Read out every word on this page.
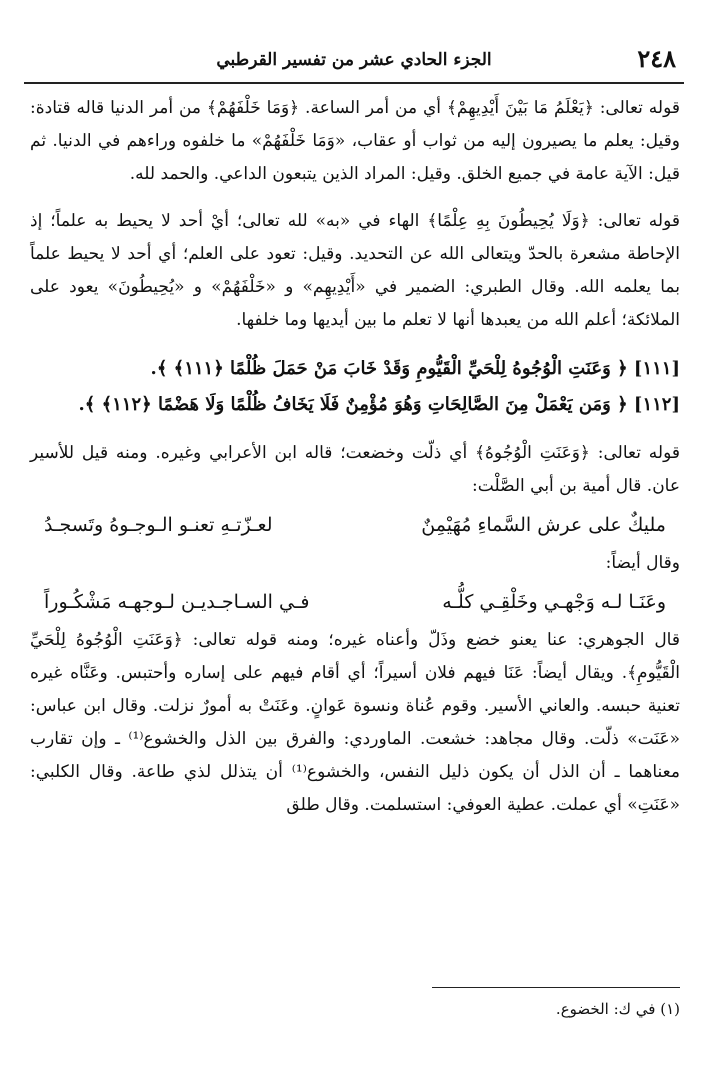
٢٤٨
الجزء الحادي عشر من تفسير القرطبي

قوله تعالى: ﴿يَعْلَمُ مَا بَيْنَ أَيْدِيهِمْ﴾ أي من أمر الساعة. ﴿وَمَا خَلْفَهُمْ﴾ من أمر الدنيا قاله قتادة: وقيل: يعلم ما يصيرون إليه من ثواب أو عقاب، «وَمَا خَلْفَهُمْ» ما خلفوه وراءهم في الدنيا. ثم قيل: الآية عامة في جميع الخلق. وقيل: المراد الذين يتبعون الداعي. والحمد لله.

قوله تعالى: ﴿وَلَا يُحِيطُونَ بِهِ عِلْمًا﴾ الهاء في «به» لله تعالى؛ أيْ أحد لا يحيط به علماً؛ إذ الإحاطة مشعرة بالحدّ ويتعالى الله عن التحديد. وقيل: تعود على العلم؛ أي أحد لا يحيط علماً بما يعلمه الله. وقال الطبري: الضمير في «أَيْدِيهِم» و «خَلْفَهُمْ» و «يُحِيطُونَ» يعود على الملائكة؛ أعلم الله من يعبدها أنها لا تعلم ما بين أيديها وما خلفها.

[١١١] ﴿ وَعَنَتِ الْوُجُوهُ لِلْحَيِّ الْقَيُّومِ وَقَدْ خَابَ مَنْ حَمَلَ ظُلْمًا ﴿١١١﴾ ﴾.

[١١٢] ﴿ وَمَن يَعْمَلْ مِنَ الصَّالِحَاتِ وَهُوَ مُؤْمِنٌ فَلَا يَخَافُ ظُلْمًا وَلَا هَضْمًا ﴿١١٢﴾ ﴾.

قوله تعالى: ﴿وَعَنَتِ الْوُجُوهُ﴾ أي ذلّت وخضعت؛ قاله ابن الأعرابي وغيره. ومنه قيل للأسير عان. قال أمية بن أبي الصَّلْت:

مليكٌ على عرش السَّماءِ مُهَيْمِنٌ
لعـزّتـهِ تعنـو الـوجـوهُ وتَسجـدُ

وقال أيضاً:

وعَنَـا لـه وَجْهـي وخَلْقِـي كلُّـه
فـي السـاجـديـن لـوجهـه مَشْكُـوراً

قال الجوهري: عنا يعنو خضع وذَلّ وأعناه غيره؛ ومنه قوله تعالى: ﴿وَعَنَتِ الْوُجُوهُ لِلْحَيِّ الْقَيُّومِ﴾. ويقال أيضاً: عَنَا فيهم فلان أسيراً؛ أي أقام فيهم على إساره وأحتبس. وعَنَّاه غيره تعنية حبسه. والعاني الأسير. وقوم عُناة ونسوة عَوانٍ. وعَنَتْ به أمورٌ نزلت. وقال ابن عباس: «عَنَت» ذلّت. وقال مجاهد: خشعت. الماوردي: والفرق بين الذل والخشوع⁽¹⁾ ـ وإن تقارب معناهما ـ أن الذل أن يكون ذليل النفس، والخشوع⁽¹⁾ أن يتذلل لذي طاعة. وقال الكلبي: «عَنَتِ» أي عملت. عطية العوفي: استسلمت. وقال طلق

(١) في ك: الخضوع.
